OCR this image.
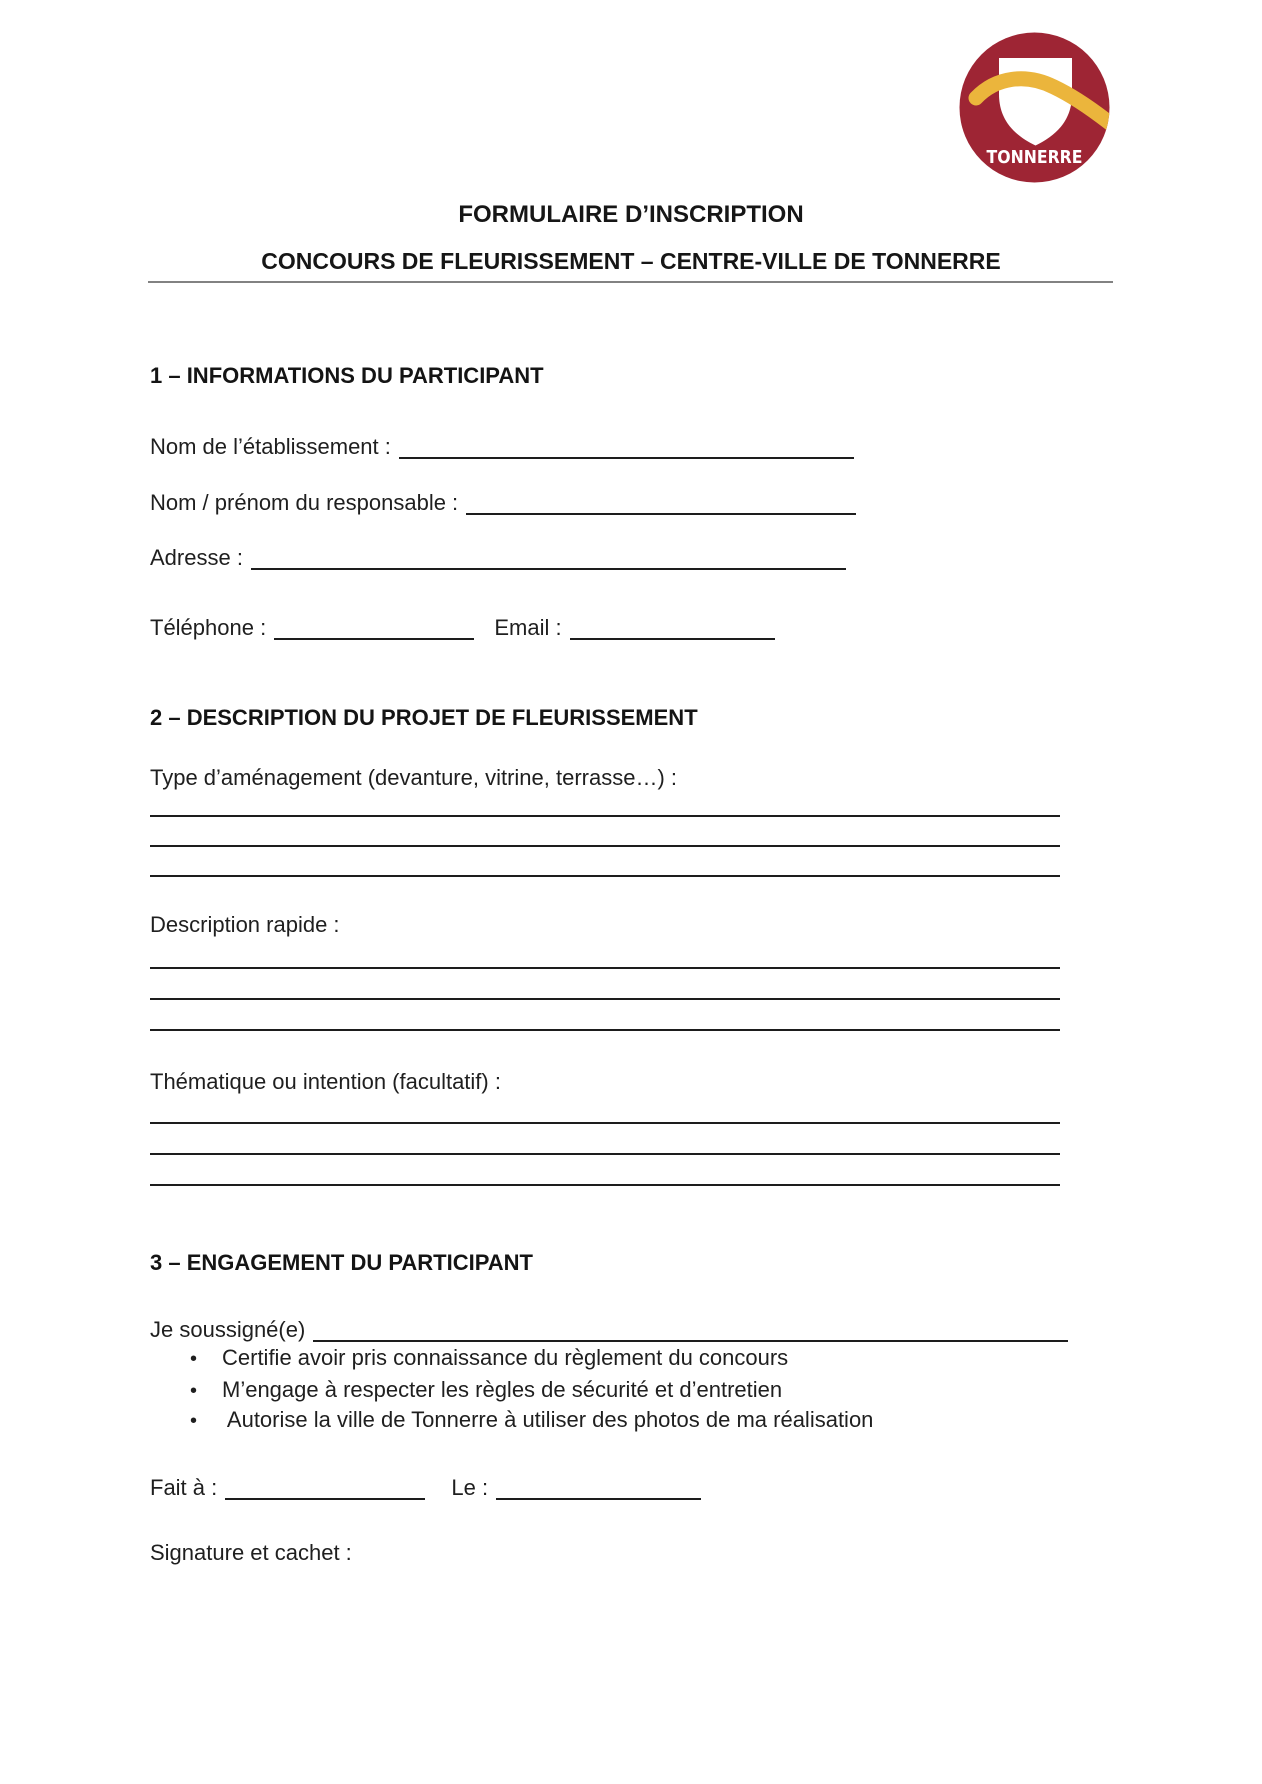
TONNERRE
FORMULAIRE D’INSCRIPTION
CONCOURS DE FLEURISSEMENT – CENTRE-VILLE DE TONNERRE
1 – INFORMATIONS DU PARTICIPANT
Nom de l’établissement :
Nom / prénom du responsable :
Adresse :
Téléphone :	Email :
2 – DESCRIPTION DU PROJET DE FLEURISSEMENT
Type d’aménagement (devanture, vitrine, terrasse…) :
Description rapide :
Thématique ou intention (facultatif) :
3 – ENGAGEMENT DU PARTICIPANT
Je soussigné(e)
• Certifie avoir pris connaissance du règlement du concours
• M’engage à respecter les règles de sécurité et d’entretien
• Autorise la ville de Tonnerre à utiliser des photos de ma réalisation
Fait à :	Le :
Signature et cachet :
